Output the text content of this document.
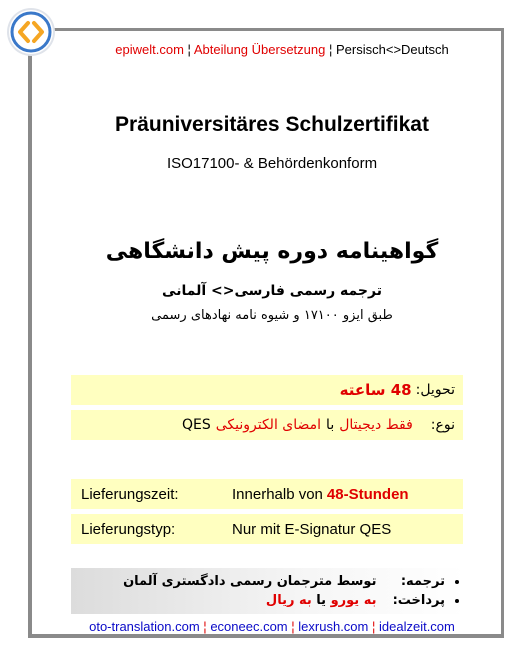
epiwelt.com ¦ Abteilung Übersetzung ¦ Persisch<>Deutsch
Präuniversitäres Schulzertifikat
ISO17100- & Behördenkonform
گواهینامه دوره پیش دانشگاهی
ترجمه رسمی فارسی<> آلمانی
طبق ایزو ۱۷۱۰۰ و شیوه نامه نهادهای رسمی
تحویل:
48 ساعته
نوع:
فقط دیجیتال
با
امضای الکترونیکی
QES
Lieferungszeit:	Innerhalb von 48-Stunden
Lieferungstyp:	Nur mit E-Signatur QES
• ترجمه: توسط مترجمان رسمی دادگستری آلمان
• پرداخت: به یورو یا به ریال
oto-translation.com ¦ econeec.com ¦ lexrush.com ¦ idealzeit.com
